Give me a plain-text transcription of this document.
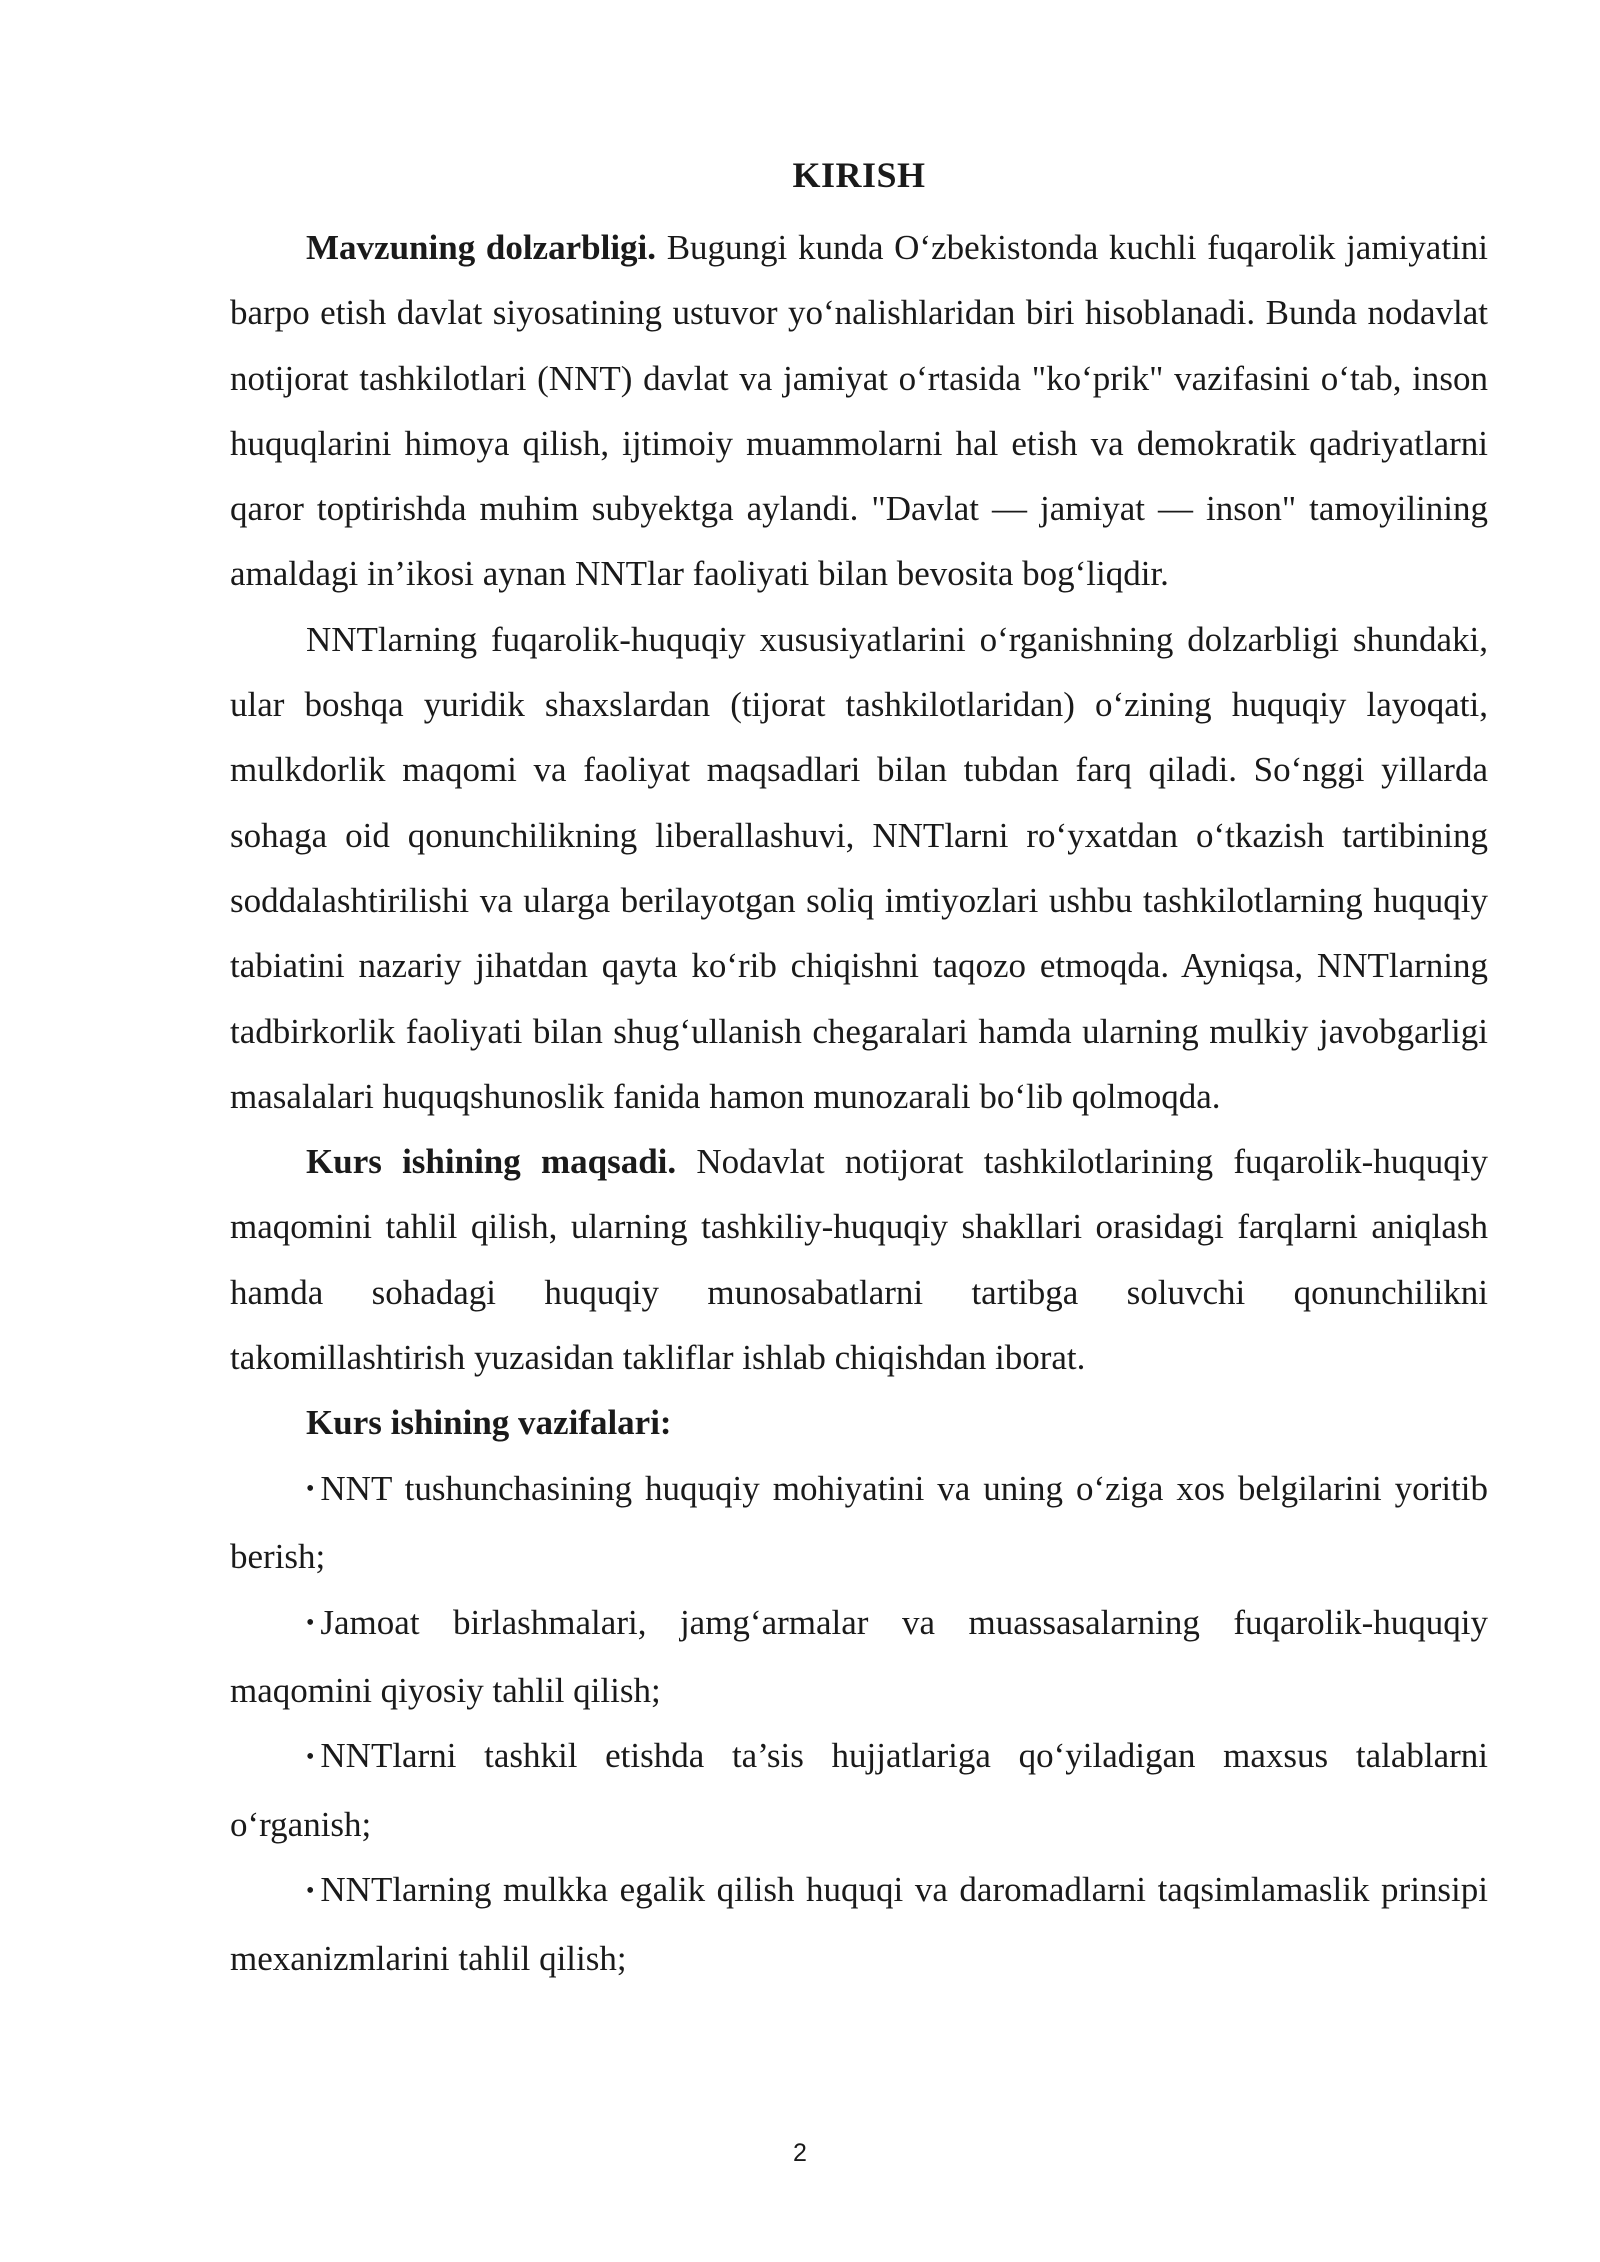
KIRISH

Mavzuning dolzarbligi. Bugungi kunda O‘zbekistonda kuchli fuqarolik jamiyatini barpo etish davlat siyosatining ustuvor yo‘nalishlaridan biri hisoblanadi. Bunda nodavlat notijorat tashkilotlari (NNT) davlat va jamiyat o‘rtasida "ko‘prik" vazifasini o‘tab, inson huquqlarini himoya qilish, ijtimoiy muammolarni hal etish va demokratik qadriyatlarni qaror toptirishda muhim subyektga aylandi. "Davlat — jamiyat — inson" tamoyilining amaldagi in’ikosi aynan NNTlar faoliyati bilan bevosita bog‘liqdir.

NNTlarning fuqarolik-huquqiy xususiyatlarini o‘rganishning dolzarbligi shundaki, ular boshqa yuridik shaxslardan (tijorat tashkilotlaridan) o‘zining huquqiy layoqati, mulkdorlik maqomi va faoliyat maqsadlari bilan tubdan farq qiladi. So‘nggi yillarda sohaga oid qonunchilikning liberallashuvi, NNTlarni ro‘yxatdan o‘tkazish tartibining soddalashtirilishi va ularga berilayotgan soliq imtiyozlari ushbu tashkilotlarning huquqiy tabiatini nazariy jihatdan qayta ko‘rib chiqishni taqozo etmoqda. Ayniqsa, NNTlarning tadbirkorlik faoliyati bilan shug‘ullanish chegaralari hamda ularning mulkiy javobgarligi masalalari huquqshunoslik fanida hamon munozarali bo‘lib qolmoqda.

Kurs ishining maqsadi. Nodavlat notijorat tashkilotlarining fuqarolik-huquqiy maqomini tahlil qilish, ularning tashkiliy-huquqiy shakllari orasidagi farqlarni aniqlash hamda sohadagi huquqiy munosabatlarni tartibga soluvchi qonunchilikni takomillashtirish yuzasidan takliflar ishlab chiqishdan iborat.

Kurs ishining vazifalari:

• NNT tushunchasining huquqiy mohiyatini va uning o‘ziga xos belgilarini yoritib berish;

• Jamoat birlashmalari, jamg‘armalar va muassasalarning fuqarolik-huquqiy maqomini qiyosiy tahlil qilish;

• NNTlarni tashkil etishda ta’sis hujjatlariga qo‘yiladigan maxsus talablarni o‘rganish;

• NNTlarning mulkka egalik qilish huquqi va daromadlarni taqsimlamaslik prinsipi mexanizmlarini tahlil qilish;

2
